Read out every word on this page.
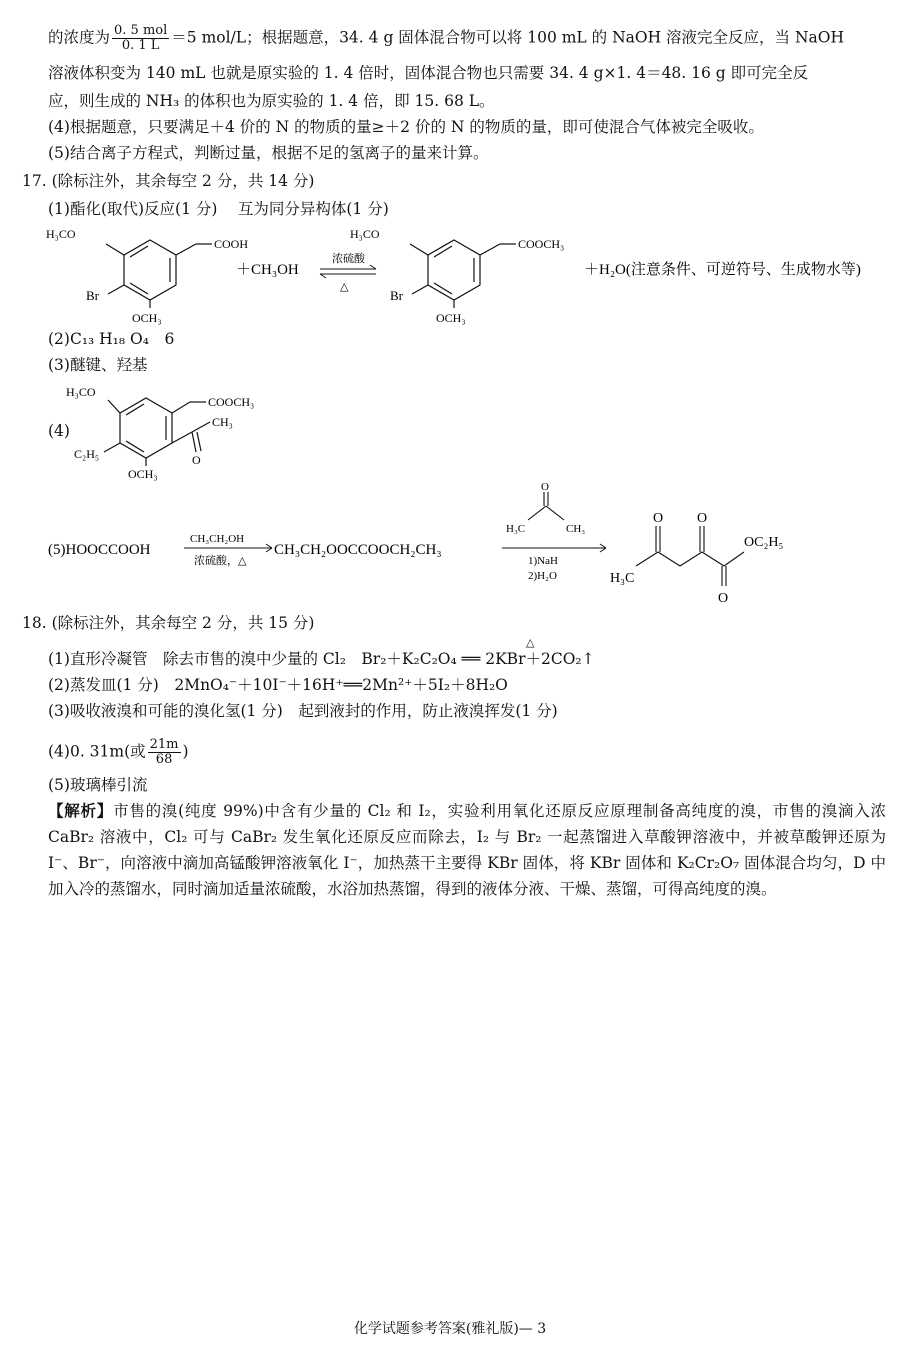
的浓度为 $\frac{\text{0. 5 mol}}{0. 1 L} =5$ mol/L；根据题意，34. 4 g 固体混合物可以将 100 mL 的 NaOH 溶液完全反应，当 NaOH
溶液体积变为 140 mL 也就是原实验的 1. 4 倍时，固体混合物也只需要 34. 4 g×1. 4＝48. 16 g 即可完全反
应，则生成的 NH₃ 的体积也为原实验的 1. 4 倍，即 15. 68 L。
(4)根据题意，只要满足＋4 价的 N 的物质的量≥＋2 价的 N 的物质的量，即可使混合气体被完全吸收。
(5)结合离子方程式，判断过量，根据不足的氢离子的量来计算。
17. (除标注外，其余每空 2 分，共 14 分)
(1)酯化(取代)反应(1 分)　 互为同分异构体(1 分)
H₃CO
COOH
Br
OCH₃
＋CH₃OH
浓硫酸
△
H₃CO
COOCH₃
Br
OCH₃
＋H₂O(注意条件、可逆符号、生成物水等)
(2)C₁₃ H₁₈ O₄　6
(3)醚键、羟基
(4)
H₃CO
COOCH₃
C₂H₅
CH₃
O
OCH₃
(5)HOOCCOOH
CH₃CH₂OH
浓硫酸，△
CH₃CH₂OOCCOOCH₂CH₃
O
H₃C	CH₃
1)NaH
2)H₂O
O O
O
H₃C
OC₂H₅
18. (除标注外，其余每空 2 分，共 15 分)
(1)直形冷凝管　除去市售的溴中少量的 Cl₂　Br₂＋K₂C₂O₄ ══ 2KBr＋2CO₂↑
△
(2)蒸发皿(1 分)　2MnO₄⁻＋10I⁻＋16H⁺══2Mn²⁺＋5I₂＋8H₂O
(3)吸收液溴和可能的溴化氢(1 分)　起到液封的作用，防止液溴挥发(1 分)
(4)0. 31m(或 $\frac{21m}{68}$ )
(5)玻璃棒引流
【解析】市售的溴(纯度 99%)中含有少量的 Cl₂ 和 I₂，实验利用氧化还原反应原理制备高纯度的溴，市售的溴滴入浓 CaBr₂ 溶液中，Cl₂ 可与 CaBr₂ 发生氧化还原反应而除去，I₂ 与 Br₂ 一起蒸馏进入草酸钾溶液中，并被草酸钾还原为 I⁻、Br⁻，向溶液中滴加高锰酸钾溶液氧化 I⁻，加热蒸干主要得 KBr 固体，将 KBr 固体和 K₂Cr₂O₇ 固体混合均匀，D 中加入冷的蒸馏水，同时滴加适量浓硫酸，水浴加热蒸馏，得到的液体分液、干燥、蒸馏，可得高纯度的溴。
化学试题参考答案(雅礼版)— 3
